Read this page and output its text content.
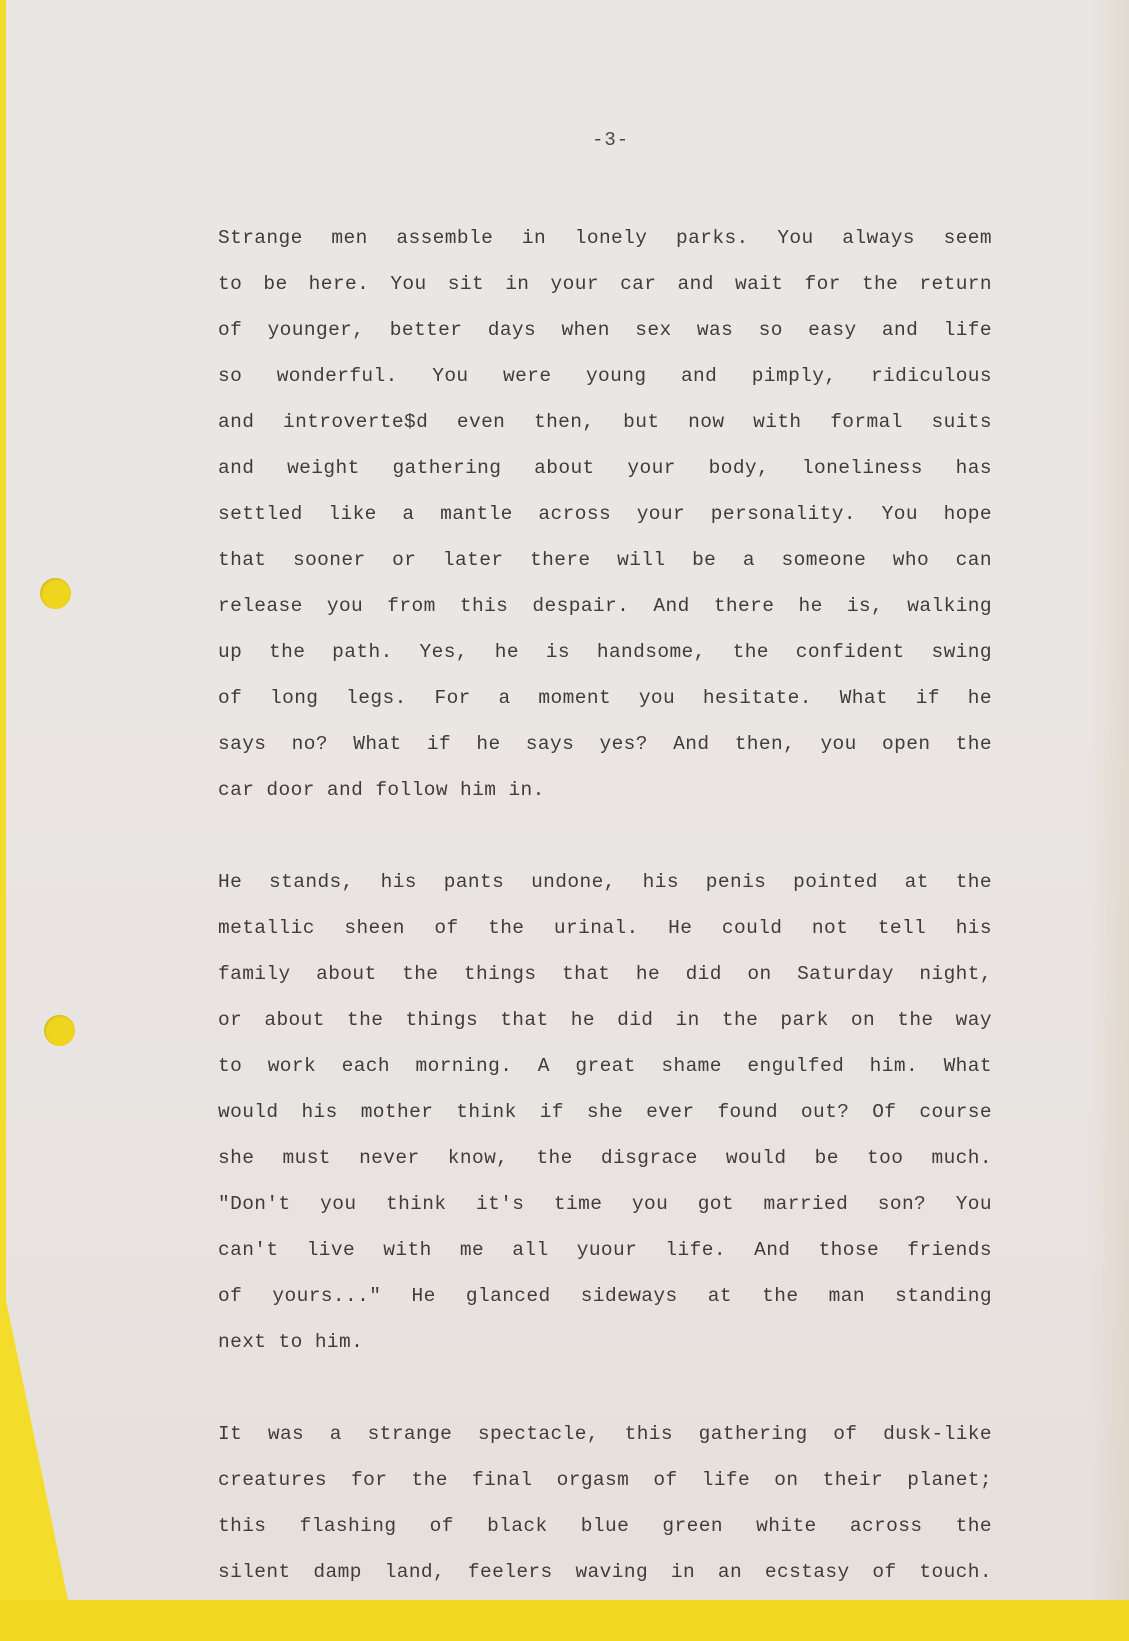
-3-
Strange men assemble in lonely parks. You always seem
to be here. You sit in your car and wait for the return
of younger, better days when sex was so easy and life
so wonderful. You were young and pimply, ridiculous
and introverte$d even then, but now with formal suits
and weight gathering about your body, loneliness has
settled like a mantle across your personality. You hope
that sooner or later there will be a someone who can
release you from this despair. And there he is, walking
up the path. Yes, he is handsome, the confident swing
of long legs. For a moment you hesitate. What if he
says no? What if he says yes? And then, you open the
car door and follow him in.
He stands, his pants undone, his penis pointed at the
metallic sheen of the urinal. He could not tell his
family about the things that he did on Saturday night,
or about the things that he did in the park on the way
to work each morning. A great shame engulfed him. What
would his mother think if she ever found out? Of course
she must never know, the disgrace would be too much.
"Don't you think it's time you got married son? You
can't live with me all yuour life. And those friends
of yours..." He glanced sideways at the man standing
next to him.
It was a strange spectacle, this gathering of dusk-like
creatures for the final orgasm of life on their planet;
this flashing of black blue green white across the
silent damp land, feelers waving in an ecstasy of touch.
